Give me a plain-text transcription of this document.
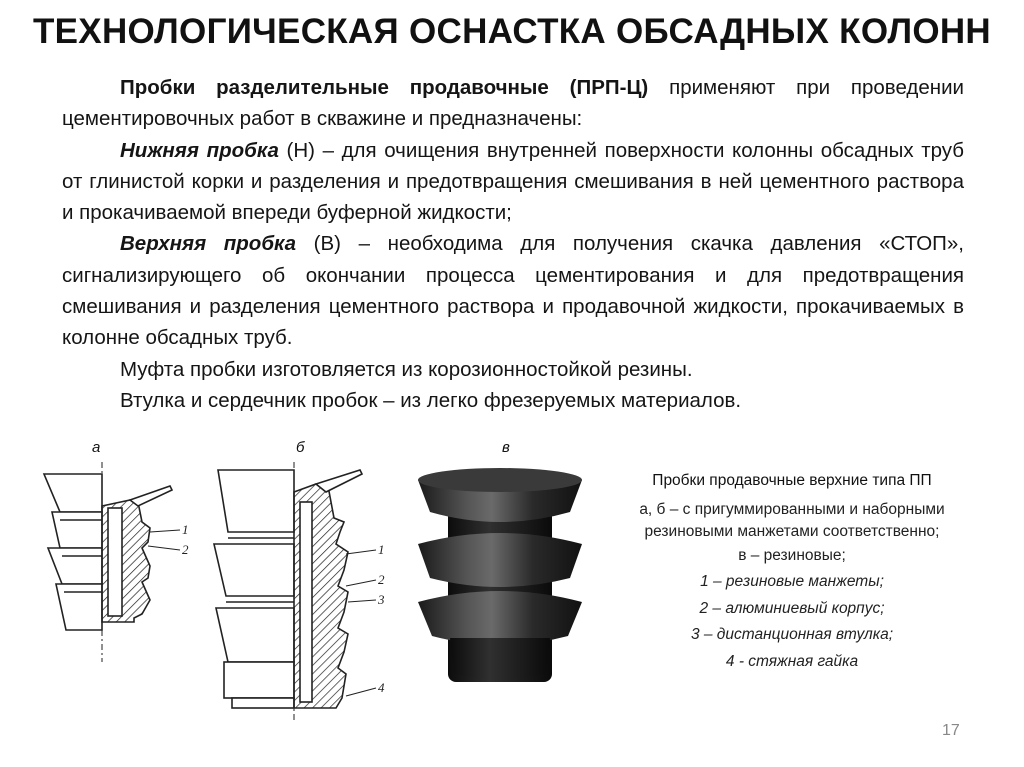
ТЕХНОЛОГИЧЕСКАЯ ОСНАСТКА ОБСАДНЫХ КОЛОНН

Пробки разделительные продавочные (ПРП-Ц) применяют при проведении цементировочных работ в скважине и предназначены:

Нижняя пробка (Н) – для очищения внутренней поверхности колонны обсадных труб от глинистой корки и разделения и предотвращения смешивания в ней цементного раствора и прокачиваемой впереди буферной жидкости;

Верхняя пробка (В) – необходима для получения скачка давления «СТОП», сигнализирующего об окончании процесса цементирования и для предотвращения смешивания и разделения цементного раствора и продавочной жидкости, прокачиваемых в колонне обсадных труб.

Муфта пробки изготовляется из корозионностойкой резины.

Втулка и сердечник пробок – из легко фрезеруемых материалов.

а	б	в
1
2	1
2
3
4
Пробки продавочные верхние типа ПП
а, б – с пригуммированными и наборными резиновыми манжетами соответственно;
в – резиновые;
1 – резиновые манжеты;
2 – алюминиевый корпус;
3 – дистанционная втулка;
4 - стяжная гайка
17
